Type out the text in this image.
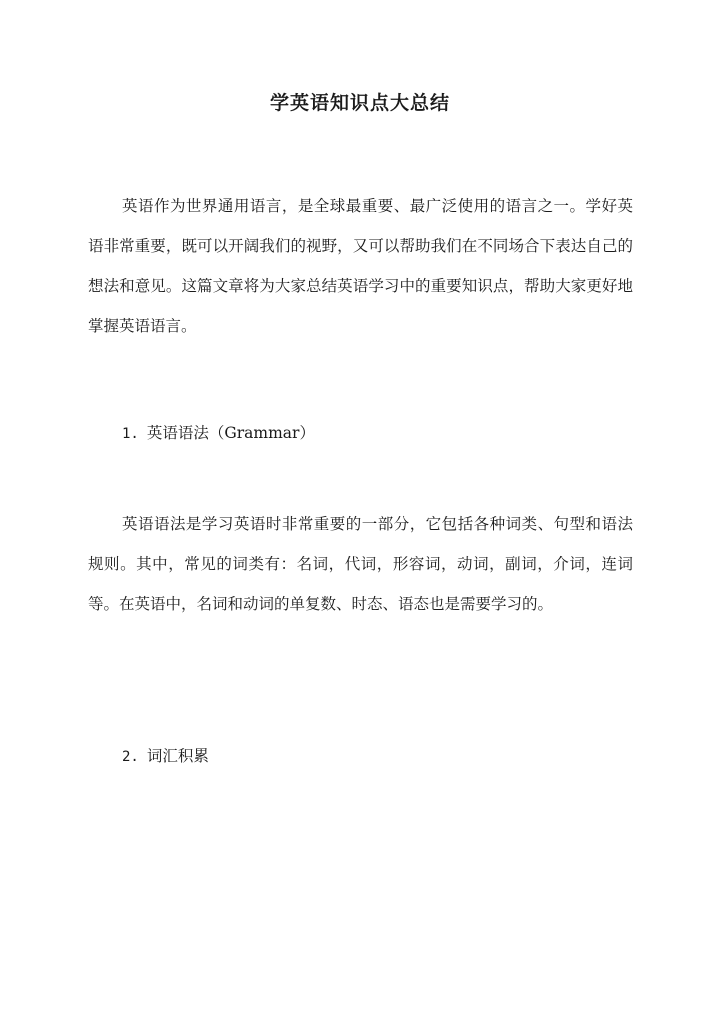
学英语知识点大总结

英语作为世界通用语言，是全球最重要、最广泛使用的语言之一。学好英语非常重要，既可以开阔我们的视野，又可以帮助我们在不同场合下表达自己的想法和意见。这篇文章将为大家总结英语学习中的重要知识点，帮助大家更好地掌握英语语言。

1. 英语语法（Grammar）

英语语法是学习英语时非常重要的一部分，它包括各种词类、句型和语法规则。其中，常见的词类有：名词，代词，形容词，动词，副词，介词，连词等。在英语中，名词和动词的单复数、时态、语态也是需要学习的。

2. 词汇积累
